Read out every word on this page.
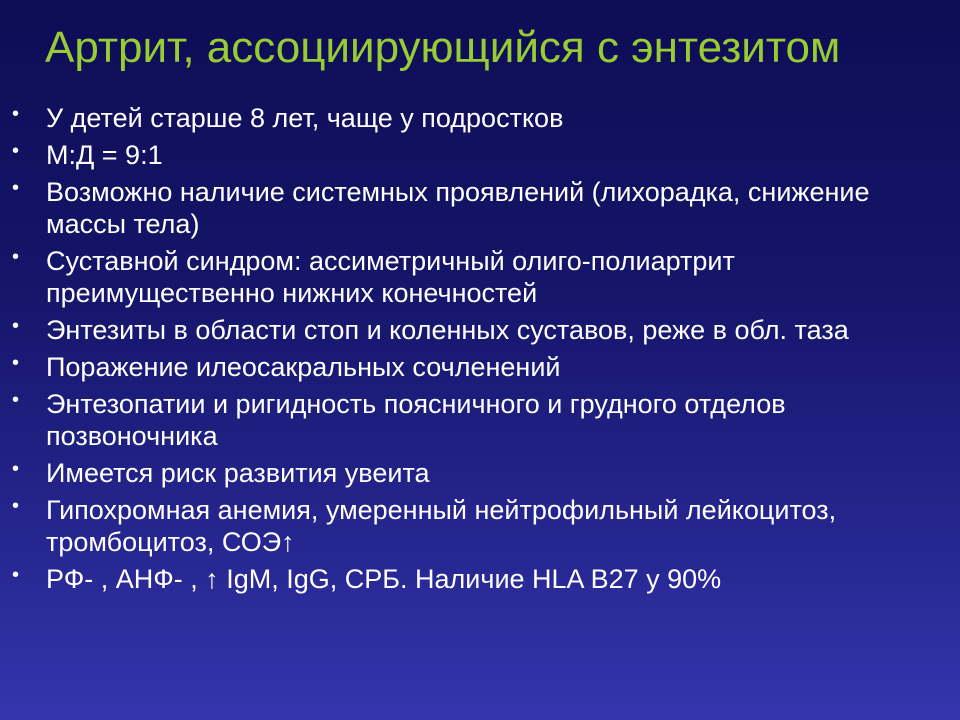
Артрит, ассоциирующийся с энтезитом
• У детей старше 8 лет, чаще у подростков
• М:Д = 9:1
• Возможно наличие системных проявлений (лихорадка, снижение массы тела)
• Суставной синдром: ассиметричный олиго-полиартрит преимущественно нижних конечностей
• Энтезиты в области стоп и коленных суставов, реже в обл. таза
• Поражение илеосакральных сочленений
• Энтезопатии и ригидность поясничного и грудного отделов позвоночника
• Имеется риск развития увеита
• Гипохромная анемия, умеренный нейтрофильный лейкоцитоз, тромбоцитоз, СОЭ↑
• РФ- , АНФ- , ↑ IgM, IgG, СРБ. Наличие HLA B27 у 90%
